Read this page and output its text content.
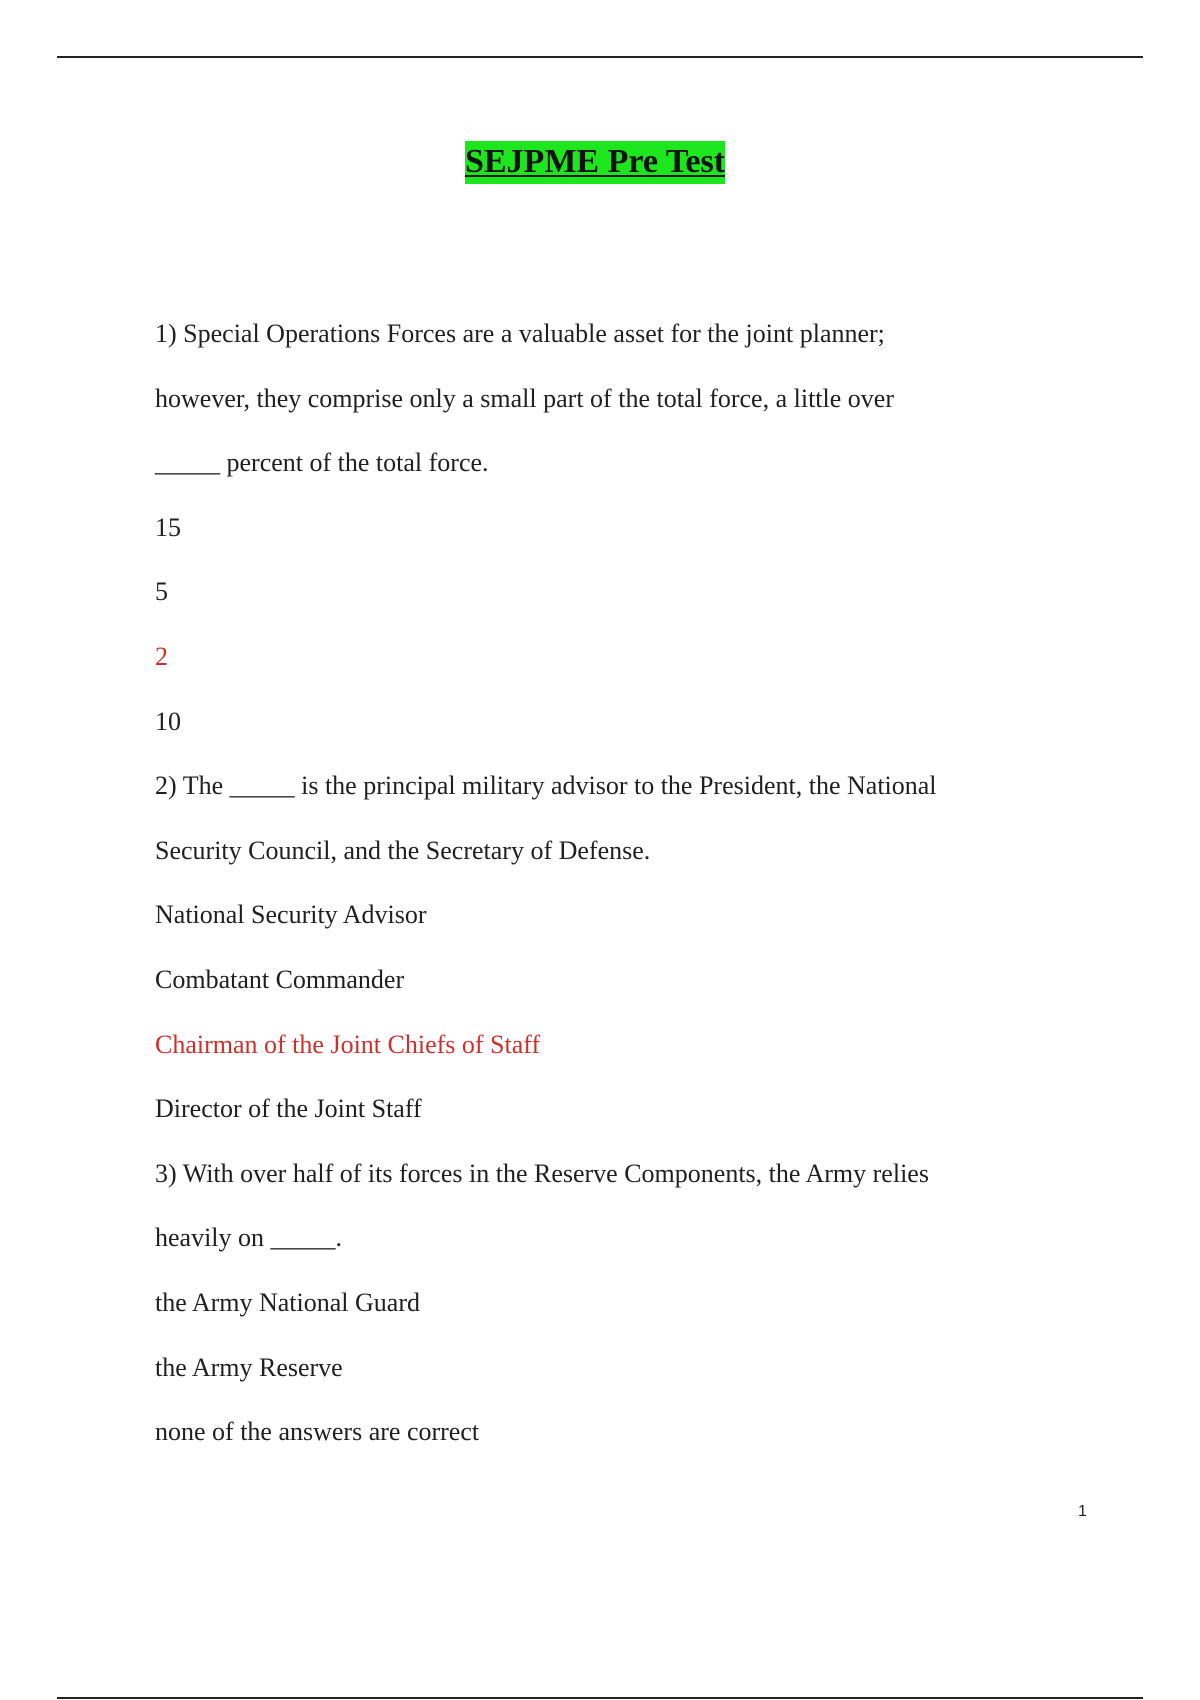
SEJPME Pre Test
1) Special Operations Forces are a valuable asset for the joint planner;
however, they comprise only a small part of the total force, a little over
_____ percent of the total force.
15
5
2
10
2) The _____ is the principal military advisor to the President, the National
Security Council, and the Secretary of Defense.
National Security Advisor
Combatant Commander
Chairman of the Joint Chiefs of Staff
Director of the Joint Staff
3) With over half of its forces in the Reserve Components, the Army relies
heavily on _____.
the Army National Guard
the Army Reserve
none of the answers are correct
1
